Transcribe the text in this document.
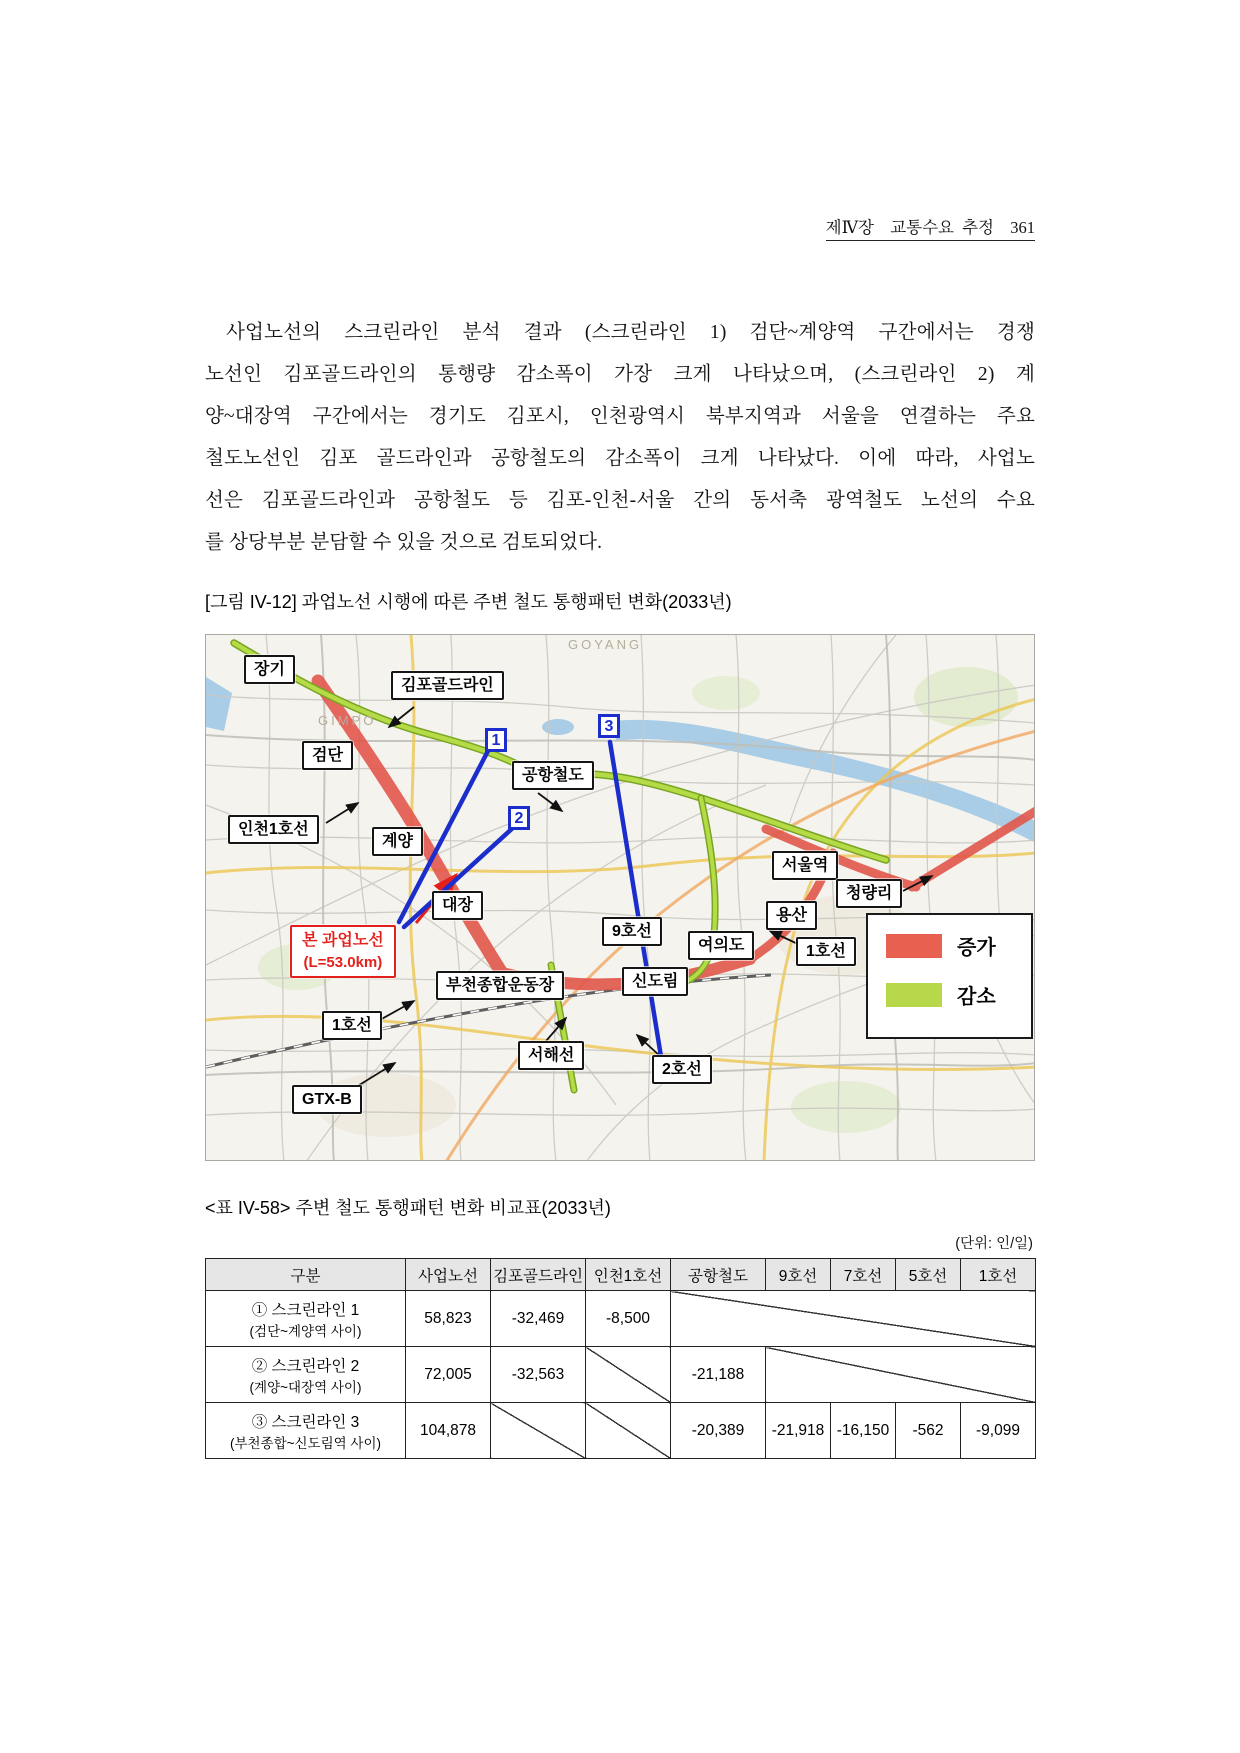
제Ⅳ장  교통수요 추정  361
사업노선의 스크린라인 분석 결과 (스크린라인 1) 검단~계양역 구간에서는 경쟁
노선인 김포골드라인의 통행량 감소폭이 가장 크게 나타났으며, (스크린라인 2) 계
양~대장역 구간에서는 경기도 김포시, 인천광역시 북부지역과 서울을 연결하는 주요
철도노선인 김포 골드라인과 공항철도의 감소폭이 크게 나타났다. 이에 따라, 사업노
선은 김포골드라인과 공항철도 등 김포-인천-서울 간의 동서축 광역철도 노선의 수요
를 상당부분 분담할 수 있을 것으로 검토되었다.
[그림 IV-12] 과업노선 시행에 따른 주변 철도 통행패턴 변화(2033년)
GIMPO
GOYANG
장기
김포골드라인
검단
인천1호선
계양
공항철도
대장
본 과업노선
(L=53.0km)
부천종합운동장
9호선
여의도
신도림
서울역
청량리
용산
1호선
1호선
서해선
2호선
GTX-B
1
2
3
증가
감소
<표 IV-58> 주변 철도 통행패턴 변화 비교표(2033년)
(단위: 인/일)
구분	사업노선	김포골드라인	인천1호선	공항철도	9호선	7호선	5호선	1호선

① 스크린라인 1
(검단~계양역 사이)	58,823	-32,469	-8,500					

② 스크린라인 2
(계양~대장역 사이)	72,005	-32,563		-21,188				

③ 스크린라인 3
(부천종합~신도림역 사이)	104,878			-20,389	-21,918	-16,150	-562	-9,099
